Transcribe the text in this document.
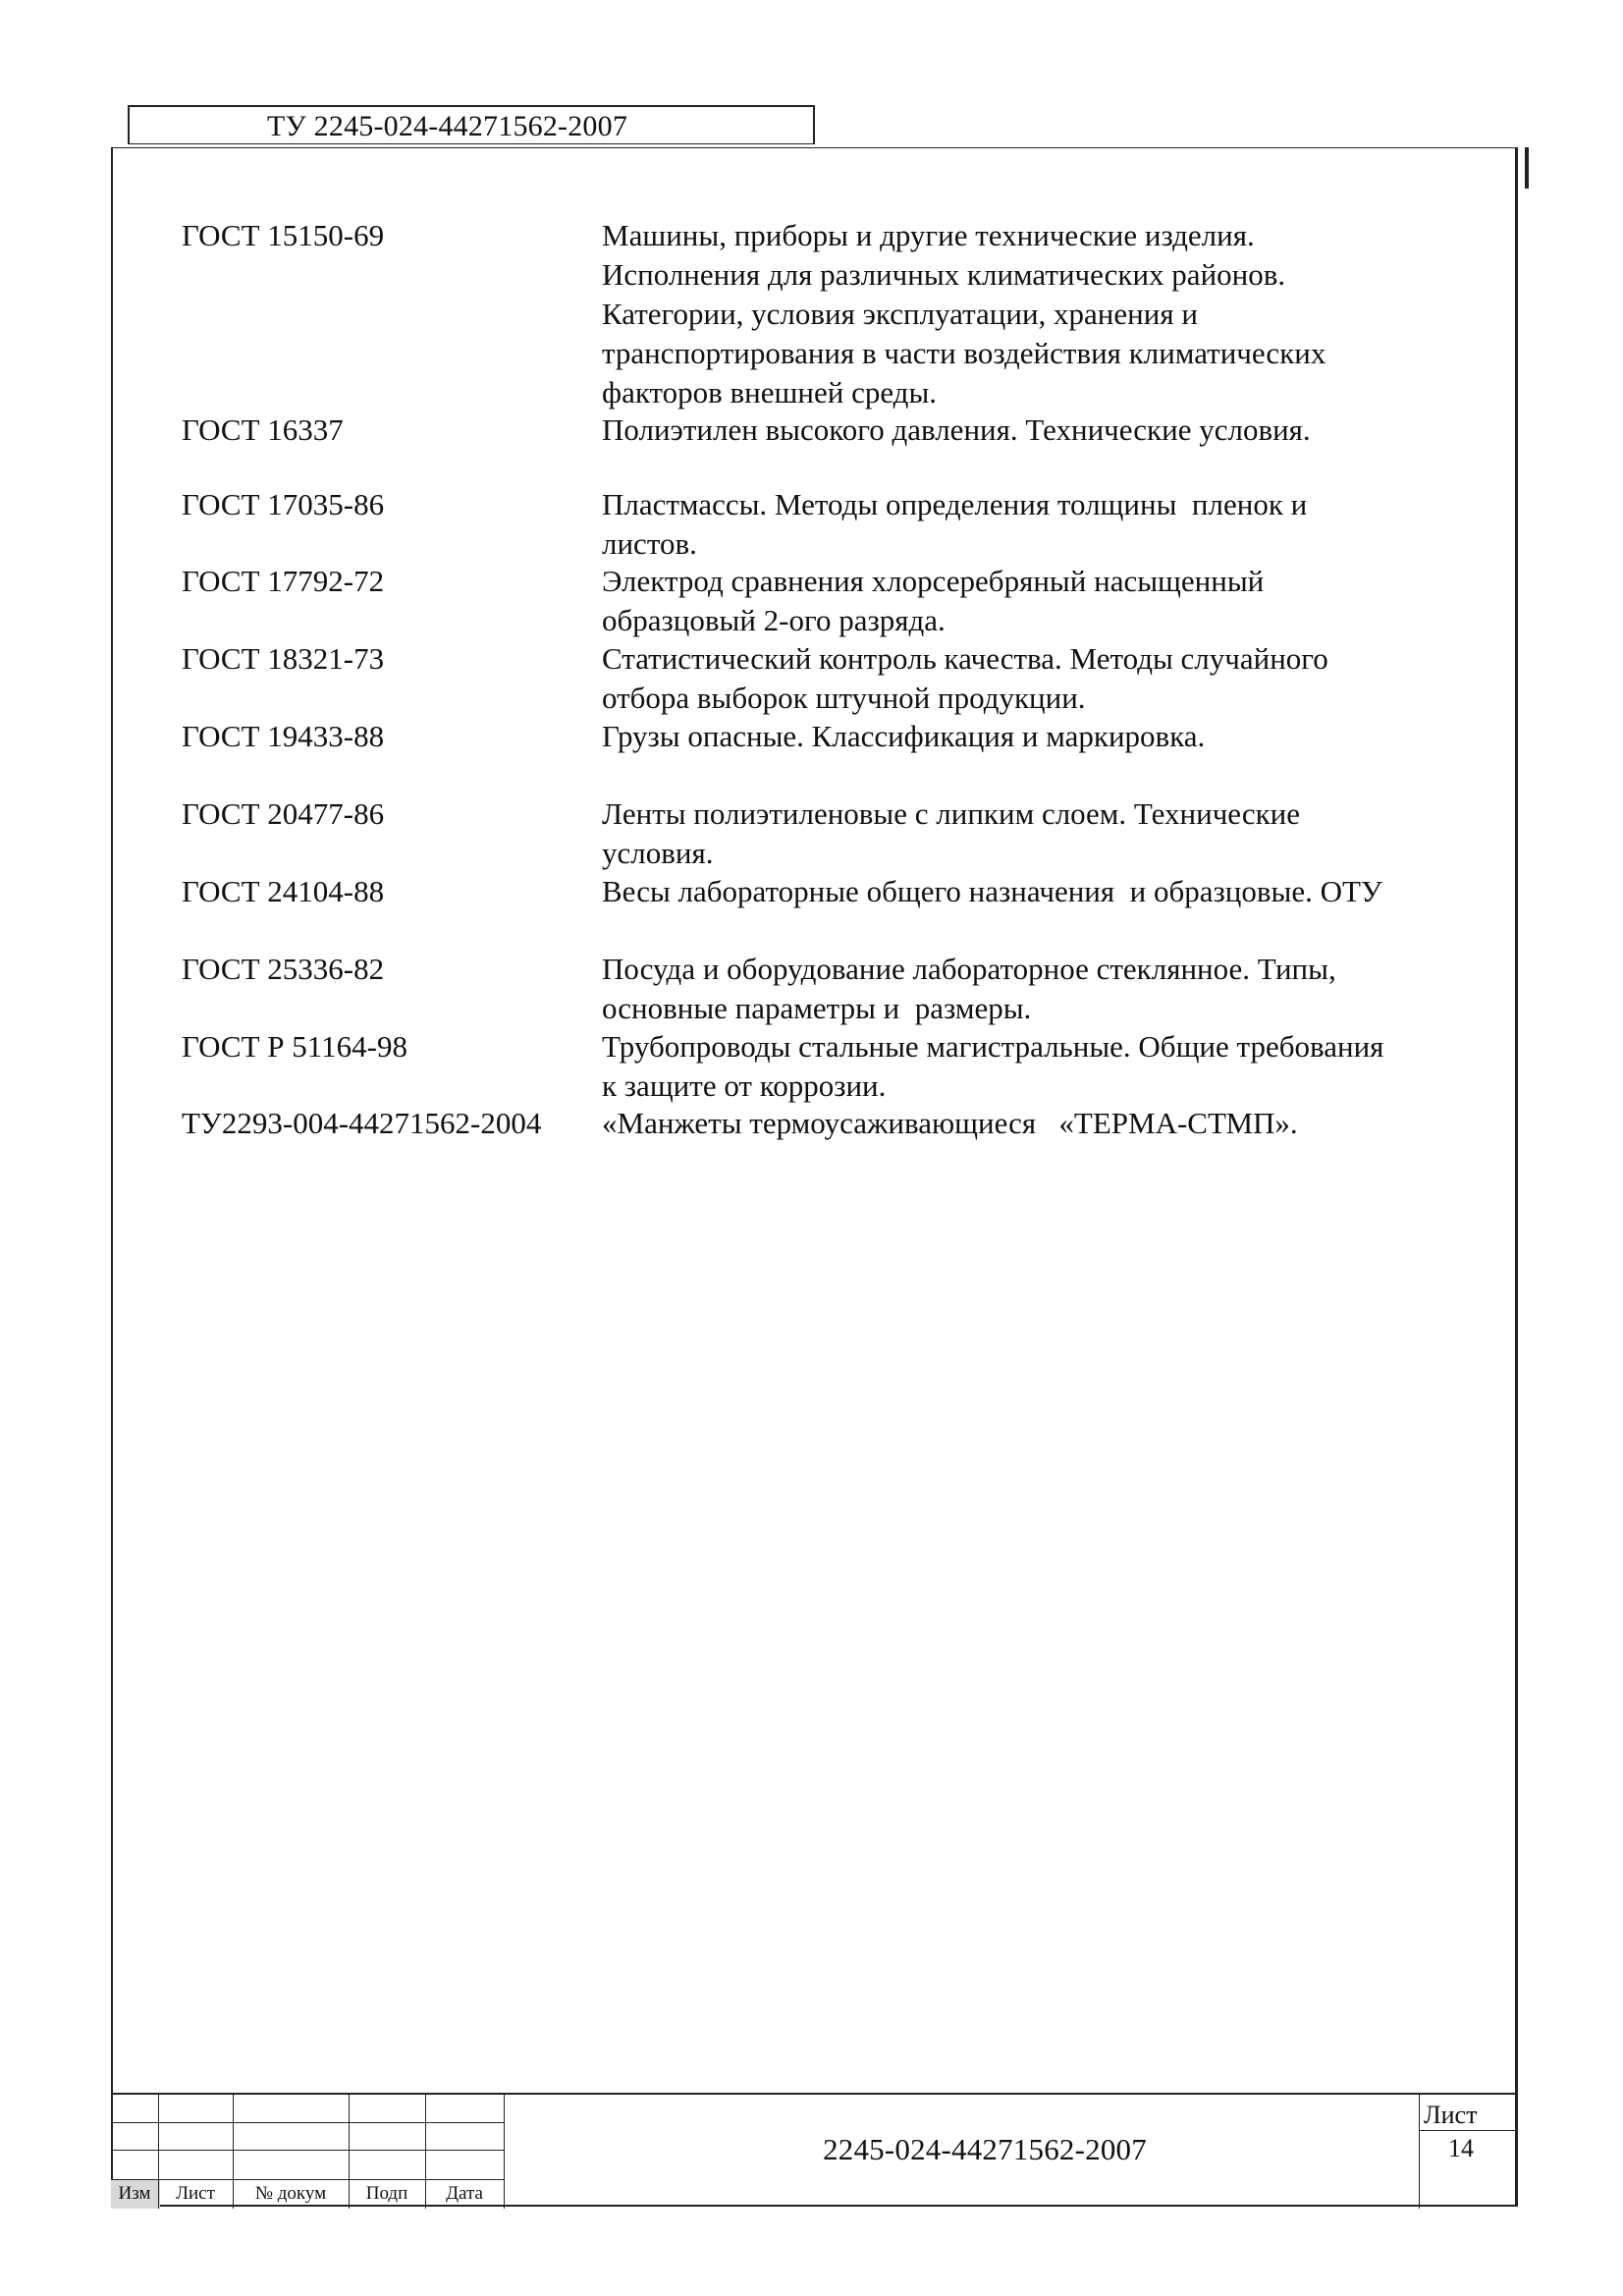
ТУ 2245-024-44271562-2007
ГОСТ 15150-69	Машины, приборы и другие технические изделия.
Исполнения для различных климатических районов.
Категории, условия эксплуатации, хранения и
транспортирования в части воздействия климатических
факторов внешней среды.
ГОСТ 16337	Полиэтилен высокого давления. Технические условия.
ГОСТ 17035-86	Пластмассы. Методы определения толщины  пленок и
листов.
ГОСТ 17792-72	Электрод сравнения хлорсеребряный насыщенный
образцовый 2-ого разряда.
ГОСТ 18321-73	Статистический контроль качества. Методы случайного
отбора выборок штучной продукции.
ГОСТ 19433-88	Грузы опасные. Классификация и маркировка.
ГОСТ 20477-86	Ленты полиэтиленовые с липким слоем. Технические
условия.
ГОСТ 24104-88	Весы лабораторные общего назначения  и образцовые. ОТУ
ГОСТ 25336-82	Посуда и оборудование лабораторное стеклянное. Типы,
основные параметры и  размеры.
ГОСТ Р 51164-98	Трубопроводы стальные магистральные. Общие требования
к защите от коррозии.
ТУ2293-004-44271562-2004 «Манжеты термоусаживающиеся   «ТЕРМА-СТМП».
Изм	Лист	№ докум	Подп	Дата
2245-024-44271562-2007
Лист
14
